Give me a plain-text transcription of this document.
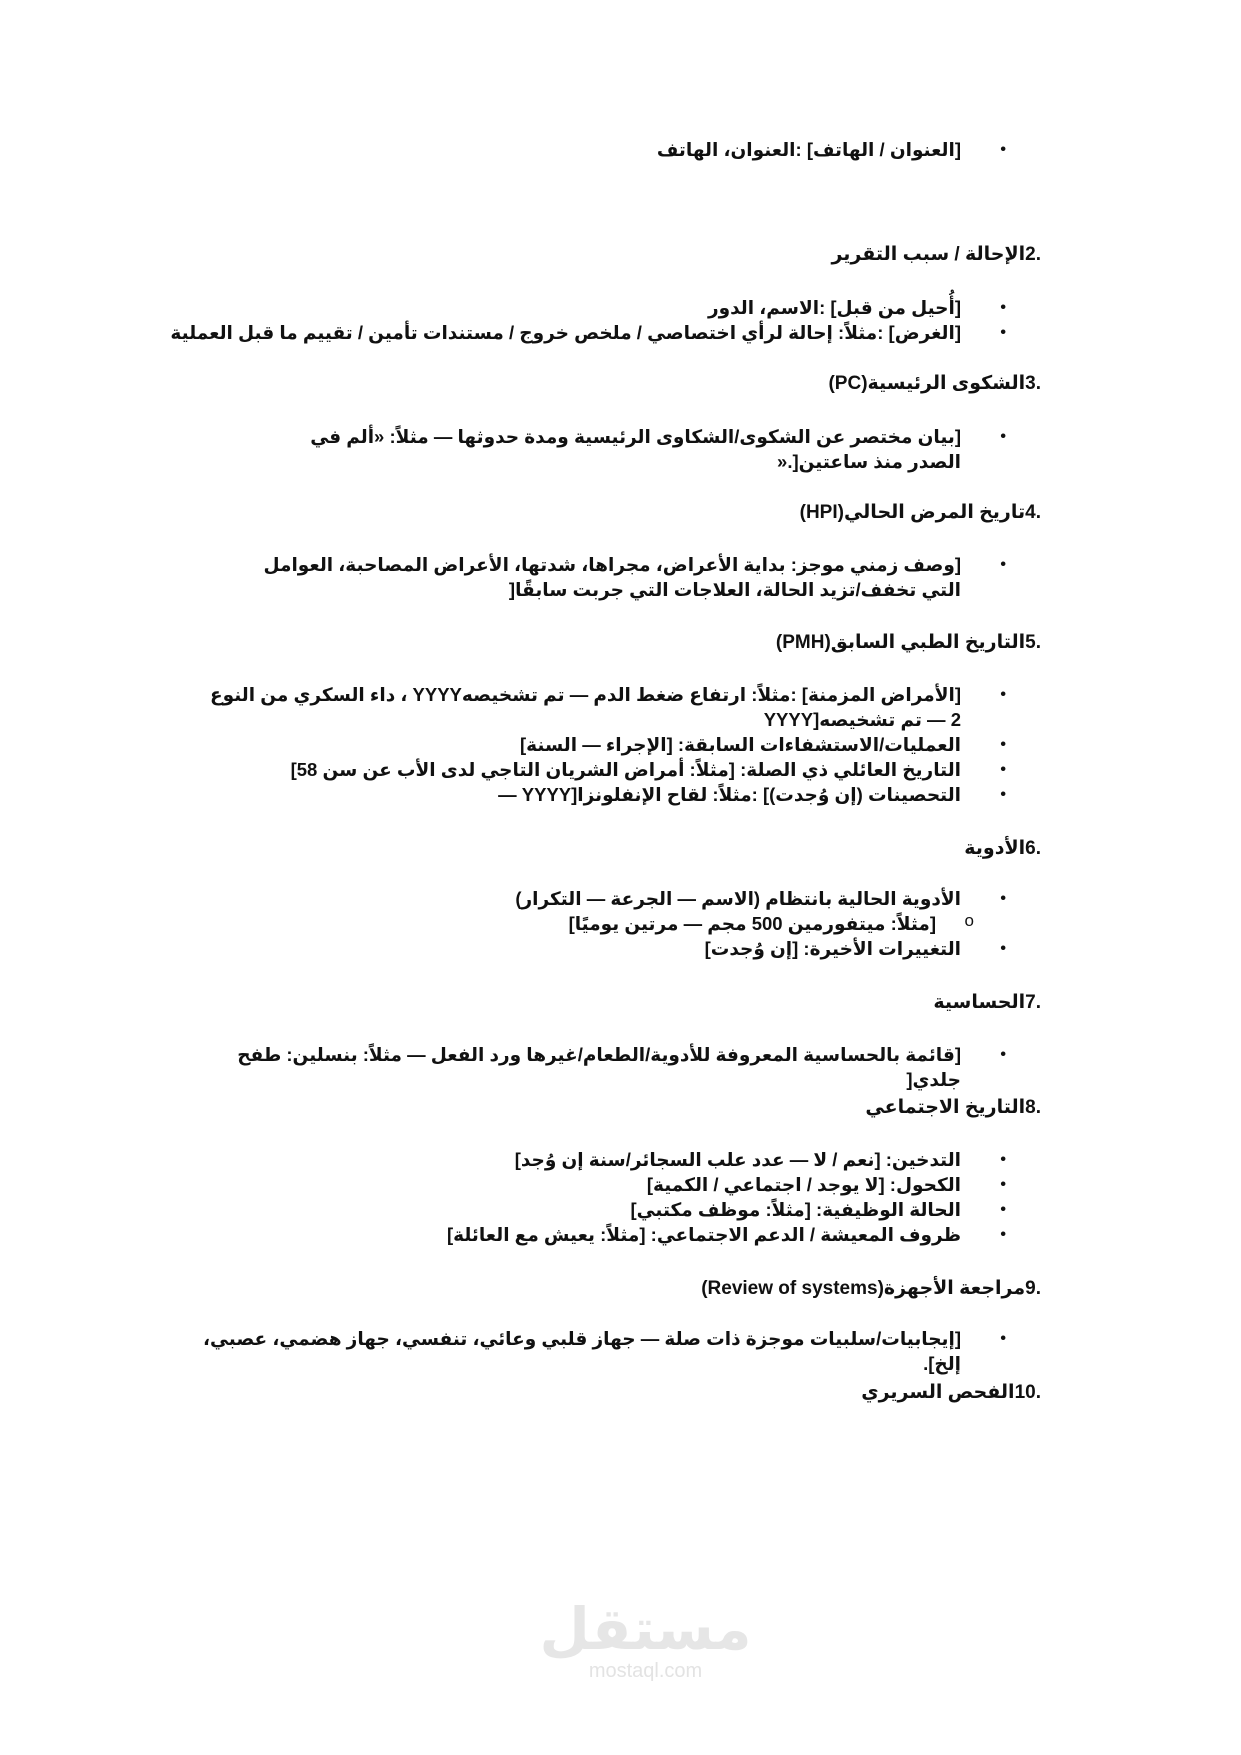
[العنوان / الهاتف] :العنوان، الهاتف •
.2الإحالة / سبب التقرير
[أُحيل من قبل] :الاسم، الدور •
[الغرض] :مثلاً: إحالة لرأي اختصاصي / ملخص خروج / مستندات تأمين / تقييم ما قبل العملية •
.3الشكوى الرئيسية(PC)
[بيان مختصر عن الشكوى/الشكاوى الرئيسية ومدة حدوثها — مثلاً: «ألم في الصدر منذ ساعتين[.« •
.4تاريخ المرض الحالي(HPI)
[وصف زمني موجز: بداية الأعراض، مجراها، شدتها، الأعراض المصاحبة، العوامل التي تخفف/تزيد الحالة، العلاجات التي جربت سابقًا[ •
.5التاريخ الطبي السابق(PMH)
[الأمراض المزمنة] :مثلاً: ارتفاع ضغط الدم — تم تشخيصهYYYY ، داء السكري من النوع 2 — تم تشخيصه[YYYY •
العمليات/الاستشفاءات السابقة: [الإجراء — السنة] •
التاريخ العائلي ذي الصلة: [مثلاً: أمراض الشريان التاجي لدى الأب عن سن 58] •
التحصينات (إن وُجدت)] :مثلاً: لقاح الإنفلونزا[YYYY — •
.6الأدوية
الأدوية الحالية بانتظام (الاسم — الجرعة — التكرار)
[مثلاً: ميتفورمين 500 مجم — مرتين يوميًا] o
•
التغييرات الأخيرة: [إن وُجدت] •
.7الحساسية
[قائمة بالحساسية المعروفة للأدوية/الطعام/غيرها ورد الفعل — مثلاً: بنسلين: طفح جلدي[ •
.8التاريخ الاجتماعي
التدخين: [نعم / لا — عدد علب السجائر/سنة إن وُجد] •
الكحول: [لا يوجد / اجتماعي / الكمية] •
الحالة الوظيفية: [مثلاً: موظف مكتبي] •
ظروف المعيشة / الدعم الاجتماعي: [مثلاً: يعيش مع العائلة] •
.9مراجعة الأجهزة(Review of systems)
[إيجابيات/سلبيات موجزة ذات صلة — جهاز قلبي وعائي، تنفسي، جهاز هضمي، عصبي، إلخ]. •
.10الفحص السريري
مستقل
mostaql.com
